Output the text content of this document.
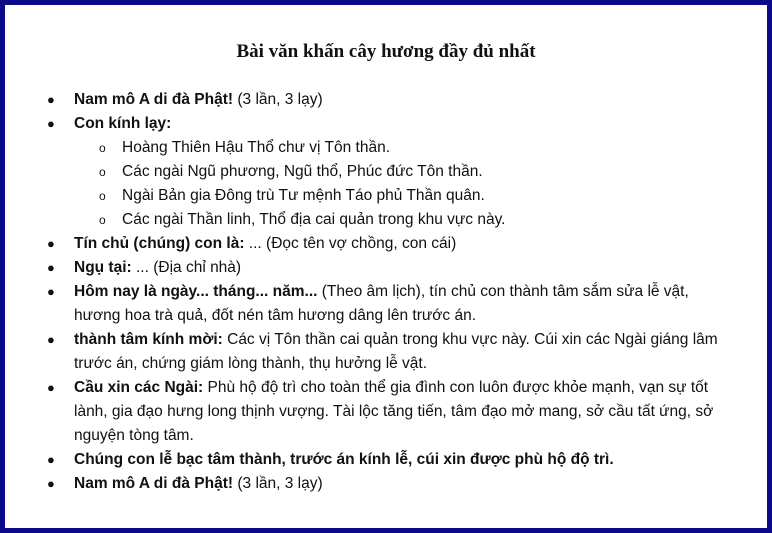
Bài văn khấn cây hương đầy đủ nhất
● Nam mô A di đà Phật! (3 lần, 3 lạy)
● Con kính lạy:
o Hoàng Thiên Hậu Thổ chư vị Tôn thần.
o Các ngài Ngũ phương, Ngũ thổ, Phúc đức Tôn thần.
o Ngài Bản gia Đông trù Tư mệnh Táo phủ Thần quân.
o Các ngài Thần linh, Thổ địa cai quản trong khu vực này.
● Tín chủ (chúng) con là: ... (Đọc tên vợ chồng, con cái)
● Ngụ tại: ... (Địa chỉ nhà)
● Hôm nay là ngày... tháng... năm... (Theo âm lịch), tín chủ con thành tâm sắm sửa lễ vật, hương hoa trà quả, đốt nén tâm hương dâng lên trước án.
● thành tâm kính mời: Các vị Tôn thần cai quản trong khu vực này. Cúi xin các Ngài giáng lâm trước án, chứng giám lòng thành, thụ hưởng lễ vật.
● Cầu xin các Ngài: Phù hộ độ trì cho toàn thể gia đình con luôn được khỏe mạnh, vạn sự tốt lành, gia đạo hưng long thịnh vượng. Tài lộc tăng tiến, tâm đạo mở mang, sở cầu tất ứng, sở nguyện tòng tâm.
● Chúng con lễ bạc tâm thành, trước án kính lễ, cúi xin được phù hộ độ trì.
● Nam mô A di đà Phật! (3 lần, 3 lạy)
